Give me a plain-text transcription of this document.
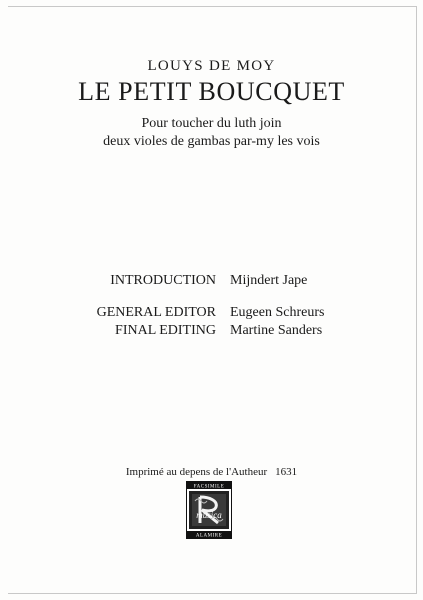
LOUYS DE MOY
LE PETIT BOUCQUET
Pour toucher du luth join
deux violes de gambas par-my les vois
INTRODUCTION Mijndert Jape
GENERAL EDITOR Eugeen Schreurs
FINAL EDITING Martine Sanders
Imprimé au depens de l'Autheur 1631
FACSIMILE
musica
ALAMIRE
